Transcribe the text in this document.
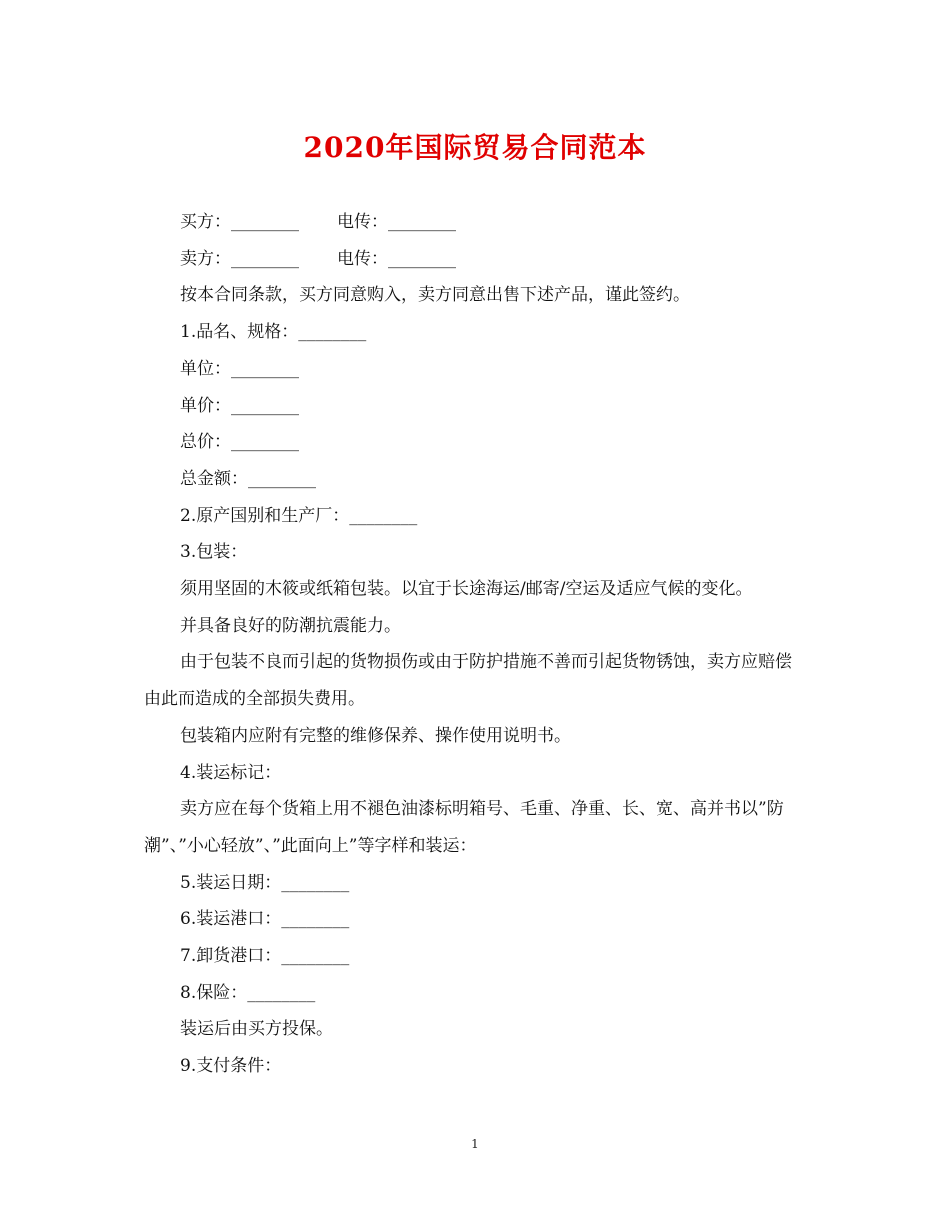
2020年国际贸易合同范本

买方：________ 电传：________

卖方：________ 电传：________

按本合同条款，买方同意购入，卖方同意出售下述产品，谨此签约。

1.品名、规格：________

单位：________

单价：________

总价：________

总金额：________

2.原产国别和生产厂：________

3.包装：

须用坚固的木筱或纸箱包装。以宜于长途海运/邮寄/空运及适应气候的变化。

并具备良好的防潮抗震能力。

由于包装不良而引起的货物损伤或由于防护措施不善而引起货物锈蚀，卖方应赔偿由此而造成的全部损失费用。

包装箱内应附有完整的维修保养、操作使用说明书。

4.装运标记：

卖方应在每个货箱上用不褪色油漆标明箱号、毛重、净重、长、宽、高并书以”防潮”、”小心轻放”、”此面向上”等字样和装运：

5.装运日期：________

6.装运港口：________

7.卸货港口：________

8.保险：________

装运后由买方投保。

9.支付条件：

1
